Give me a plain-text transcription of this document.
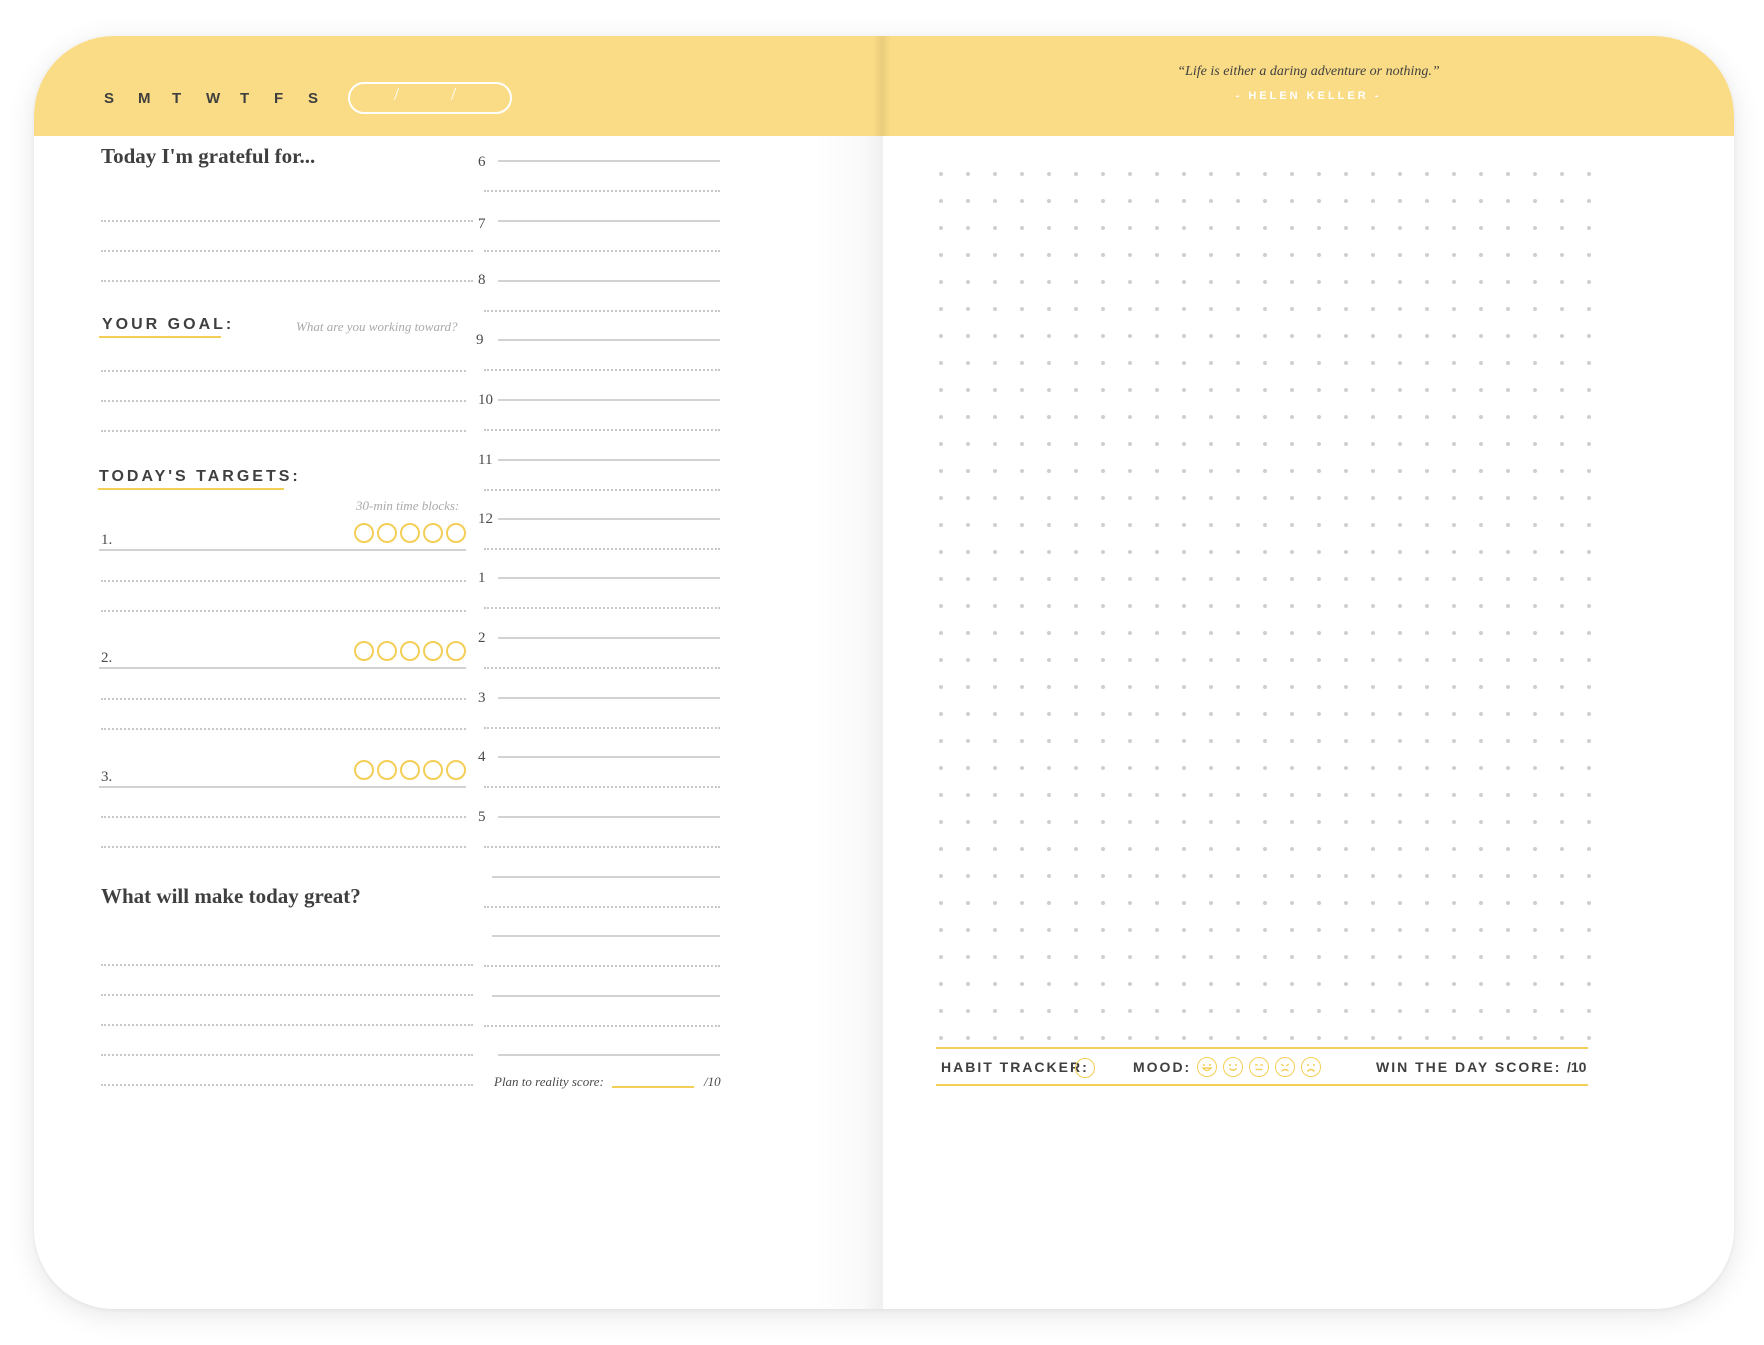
S	M	T	W	T	F	S	/	/
Today I'm grateful for...
YOUR GOAL:	What are you working toward?
TODAY'S TARGETS:
30-min time blocks:
1.
2.
3.
What will make today great?
6
7
8
9
10
11
12
1
2
3
4
5
Plan to reality score:	/10
“Life is either a daring adventure or nothing.”
- HELEN KELLER -
HABIT TRACKER:	MOOD:	WIN THE DAY SCORE: /10
